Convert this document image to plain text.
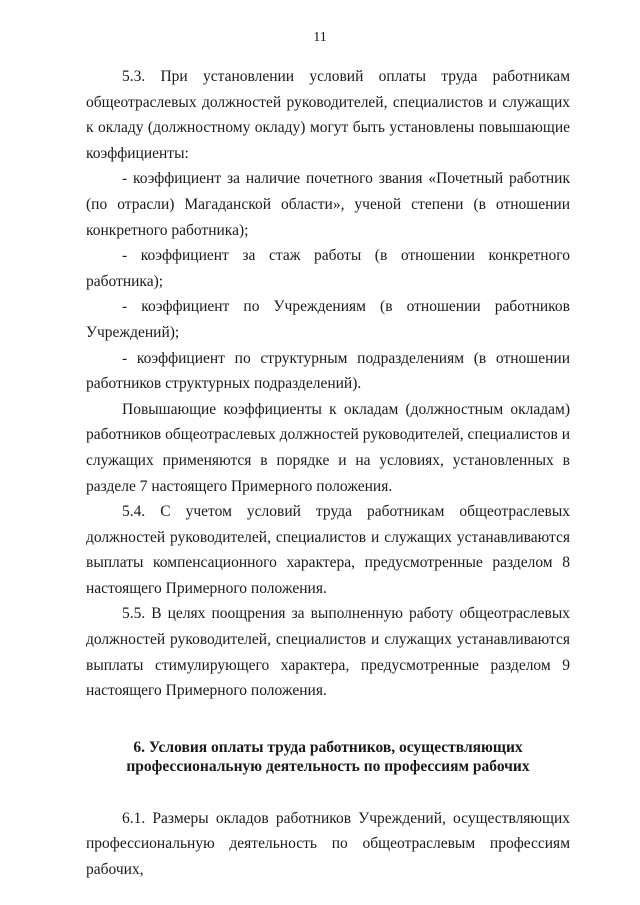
11

5.3. При установлении условий оплаты труда работникам общеотраслевых должностей руководителей, специалистов и служащих к окладу (должностному окладу) могут быть установлены повышающие коэффициенты:

- коэффициент за наличие почетного звания «Почетный работник (по отрасли) Магаданской области», ученой степени (в отношении конкретного работника);

- коэффициент за стаж работы (в отношении конкретного работника);

- коэффициент по Учреждениям (в отношении работников Учреждений);

- коэффициент по структурным подразделениям (в отношении работников структурных подразделений).

Повышающие коэффициенты к окладам (должностным окладам) работников общеотраслевых должностей руководителей, специалистов и служащих применяются в порядке и на условиях, установленных в разделе 7 настоящего Примерного положения.

5.4. С учетом условий труда работникам общеотраслевых должностей руководителей, специалистов и служащих устанавливаются выплаты компенсационного характера, предусмотренные разделом 8 настоящего Примерного положения.

5.5. В целях поощрения за выполненную работу общеотраслевых должностей руководителей, специалистов и служащих устанавливаются выплаты стимулирующего характера, предусмотренные разделом 9 настоящего Примерного положения.

6. Условия оплаты труда работников, осуществляющих
профессиональную деятельность по профессиям рабочих

6.1. Размеры окладов работников Учреждений, осуществляющих профессиональную деятельность по общеотраслевым профессиям рабочих,
